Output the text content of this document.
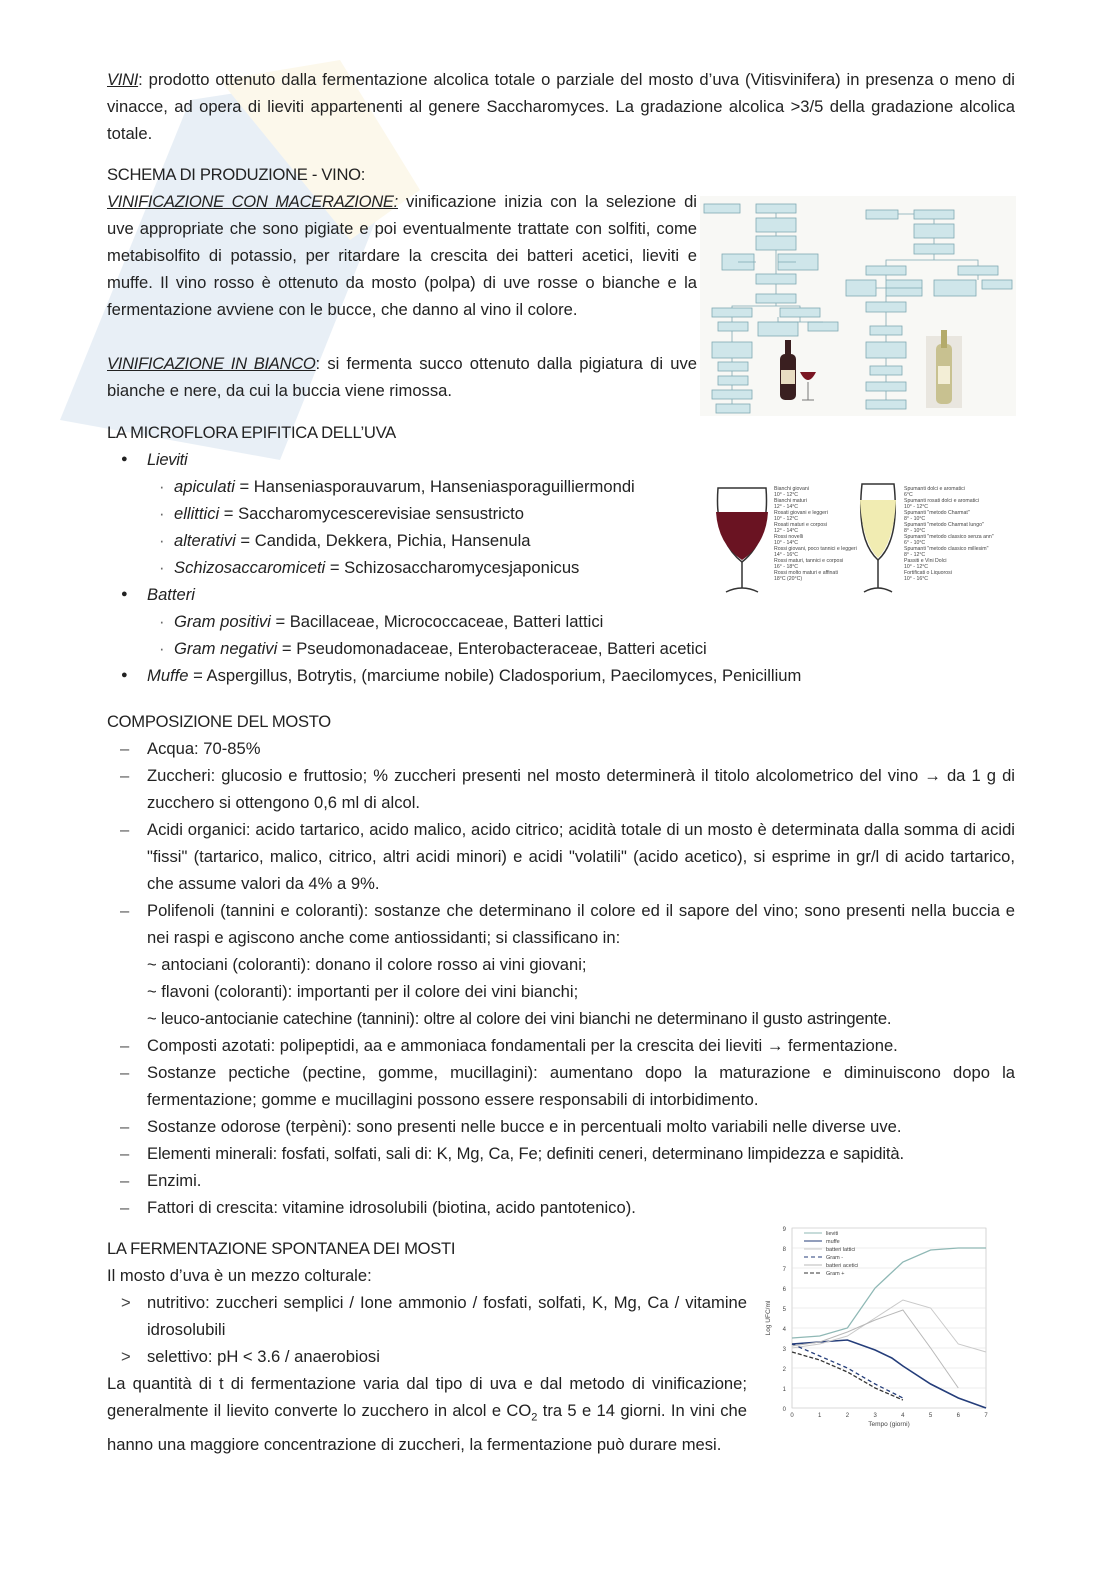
VINI: prodotto ottenuto dalla fermentazione alcolica totale o parziale del mosto d’uva (Vitisvinifera) in presenza o meno di vinacce, ad opera di lieviti appartenenti al genere Saccharomyces. La gradazione alcolica >3/5 della gradazione alcolica totale.

SCHEMA DI PRODUZIONE - VINO:

VINIFICAZIONE CON MACERAZIONE: vinificazione inizia con la selezione di uve appropriate che sono pigiate e poi eventualmente trattate con solfiti, come metabisolfito di potassio, per ritardare la crescita dei batteri acetici, lieviti e muffe. Il vino rosso è ottenuto da mosto (polpa) di uve rosse o bianche e la fermentazione avviene con le bucce, che danno al vino il colore.

VINIFICAZIONE IN BIANCO: si fermenta succo ottenuto dalla pigiatura di uve bianche e nere, da cui la buccia viene rimossa.

LA MICROFLORA EPIFITICA DELL’UVA
● Lieviti
· apiculati = Hanseniasporauvarum, Hanseniasporaguilliermondi
· ellittici = Saccharomycescerevisiae sensustricto
· alterativi = Candida, Dekkera, Pichia, Hansenula
· Schizosaccaromiceti = Schizosaccharomycesjaponicus
● Batteri
· Gram positivi = Bacillaceae, Micrococcaceae, Batteri lattici
· Gram negativi = Pseudomonadaceae, Enterobacteraceae, Batteri acetici
● Muffe = Aspergillus, Botrytis, (marciume nobile) Cladosporium, Paecilomyces, Penicillium
Bianchi giovani
10° - 12°C
Bianchi maturi
12° - 14°C
Rosati giovani e leggeri
10° - 12°C
Rosati maturi e corposi
12° - 14°C
Rossi novelli
10° - 14°C
Rossi giovani, poco tannici e leggeri
14° - 16°C
Rossi maturi, tannici e corposi
16° - 18°C
Rossi molto maturi e affinati
18°C (20°C)
Spumanti dolci e aromatici
6°C
Spumanti rosati dolci e aromatici
10° - 12°C
Spumanti "metodo Charmat"
8° - 10°C
Spumanti "metodo Charmat lungo"
8° - 10°C
Spumanti "metodo classico senza ann"
6° - 10°C
Spumanti "metodo classico millesim"
8° - 12°C
Passiti e Vini Dolci
10° - 12°C
Fortificati o Liquorosi
10° - 16°C
COMPOSIZIONE DEL MOSTO
– Acqua: 70-85%
– Zuccheri: glucosio e fruttosio; % zuccheri presenti nel mosto determinerà il titolo alcolometrico del vino → da 1 g di zucchero si ottengono 0,6 ml di alcol.
– Acidi organici: acido tartarico, acido malico, acido citrico; acidità totale di un mosto è determinata dalla somma di acidi "fissi" (tartarico, malico, citrico, altri acidi minori) e acidi "volatili" (acido acetico), si esprime in gr/l di acido tartarico, che assume valori da 4% a 9%.
– Polifenoli (tannini e coloranti): sostanze che determinano il colore ed il sapore del vino; sono presenti nella buccia e nei raspi e agiscono anche come antiossidanti; si classificano in:
~ antociani (coloranti): donano il colore rosso ai vini giovani;
~ flavoni (coloranti): importanti per il colore dei vini bianchi;
~ leuco-antocianie catechine (tannini): oltre al colore dei vini bianchi ne determinano il gusto astringente.
– Composti azotati: polipeptidi, aa e ammoniaca fondamentali per la crescita dei lieviti → fermentazione.
– Sostanze pectiche (pectine, gomme, mucillagini): aumentano dopo la maturazione e diminuiscono dopo la fermentazione; gomme e mucillagini possono essere responsabili di intorbidimento.
– Sostanze odorose (terpèni): sono presenti nelle bucce e in percentuali molto variabili nelle diverse uve.
– Elementi minerali: fosfati, solfati, sali di: K, Mg, Ca, Fe; definiti ceneri, determinano limpidezza e sapidità.
– Enzimi.
– Fattori di crescita: vitamine idrosolubili (biotina, acido pantotenico).
LA FERMENTAZIONE SPONTANEA DEI MOSTI
Il mosto d’uva è un mezzo colturale:
> nutritivo: zuccheri semplici / Ione ammonio / fosfati, solfati, K, Mg, Ca / vitamine idrosolubili
> selettivo: pH < 3.6 / anaerobiosi
La quantità di t di fermentazione varia dal tipo di uva e dal metodo di vinificazione; generalmente il lievito converte lo zucchero in alcol e $CO_2$ tra 5 e 14 giorni. In vini che hanno una maggiore concentrazione di zuccheri, la fermentazione può durare mesi.
0
1
2
3
4
5
6
7
8
9
0	1	2	3	4	5	6	7
Tempo (giorni)
Log UFC/ml
lieviti
muffe
batteri lattici
Gram -
batteri acetici
Gram +
